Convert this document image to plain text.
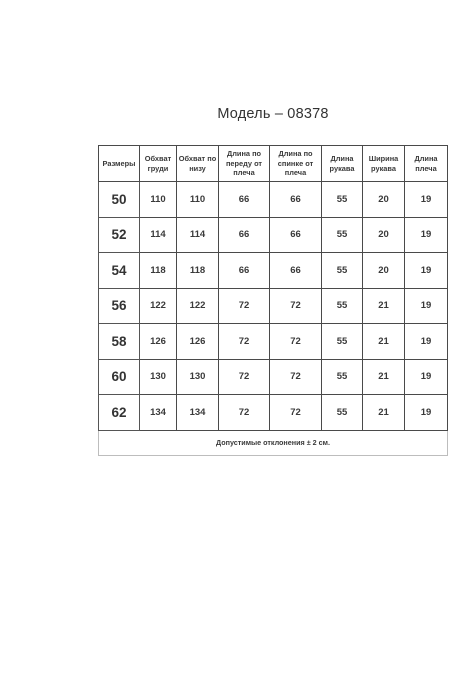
Модель – 08378
Размеры	Обхват груди	Обхват по низу	Длина по переду от плеча	Длина по спинке от плеча	Длина рукава	Ширина рукава	Длина плеча
50	110	110	66	66	55	20	19
52	114	114	66	66	55	20	19
54	118	118	66	66	55	20	19
56	122	122	72	72	55	21	19
58	126	126	72	72	55	21	19
60	130	130	72	72	55	21	19
62	134	134	72	72	55	21	19
Допустимые отклонения ± 2 см.							
